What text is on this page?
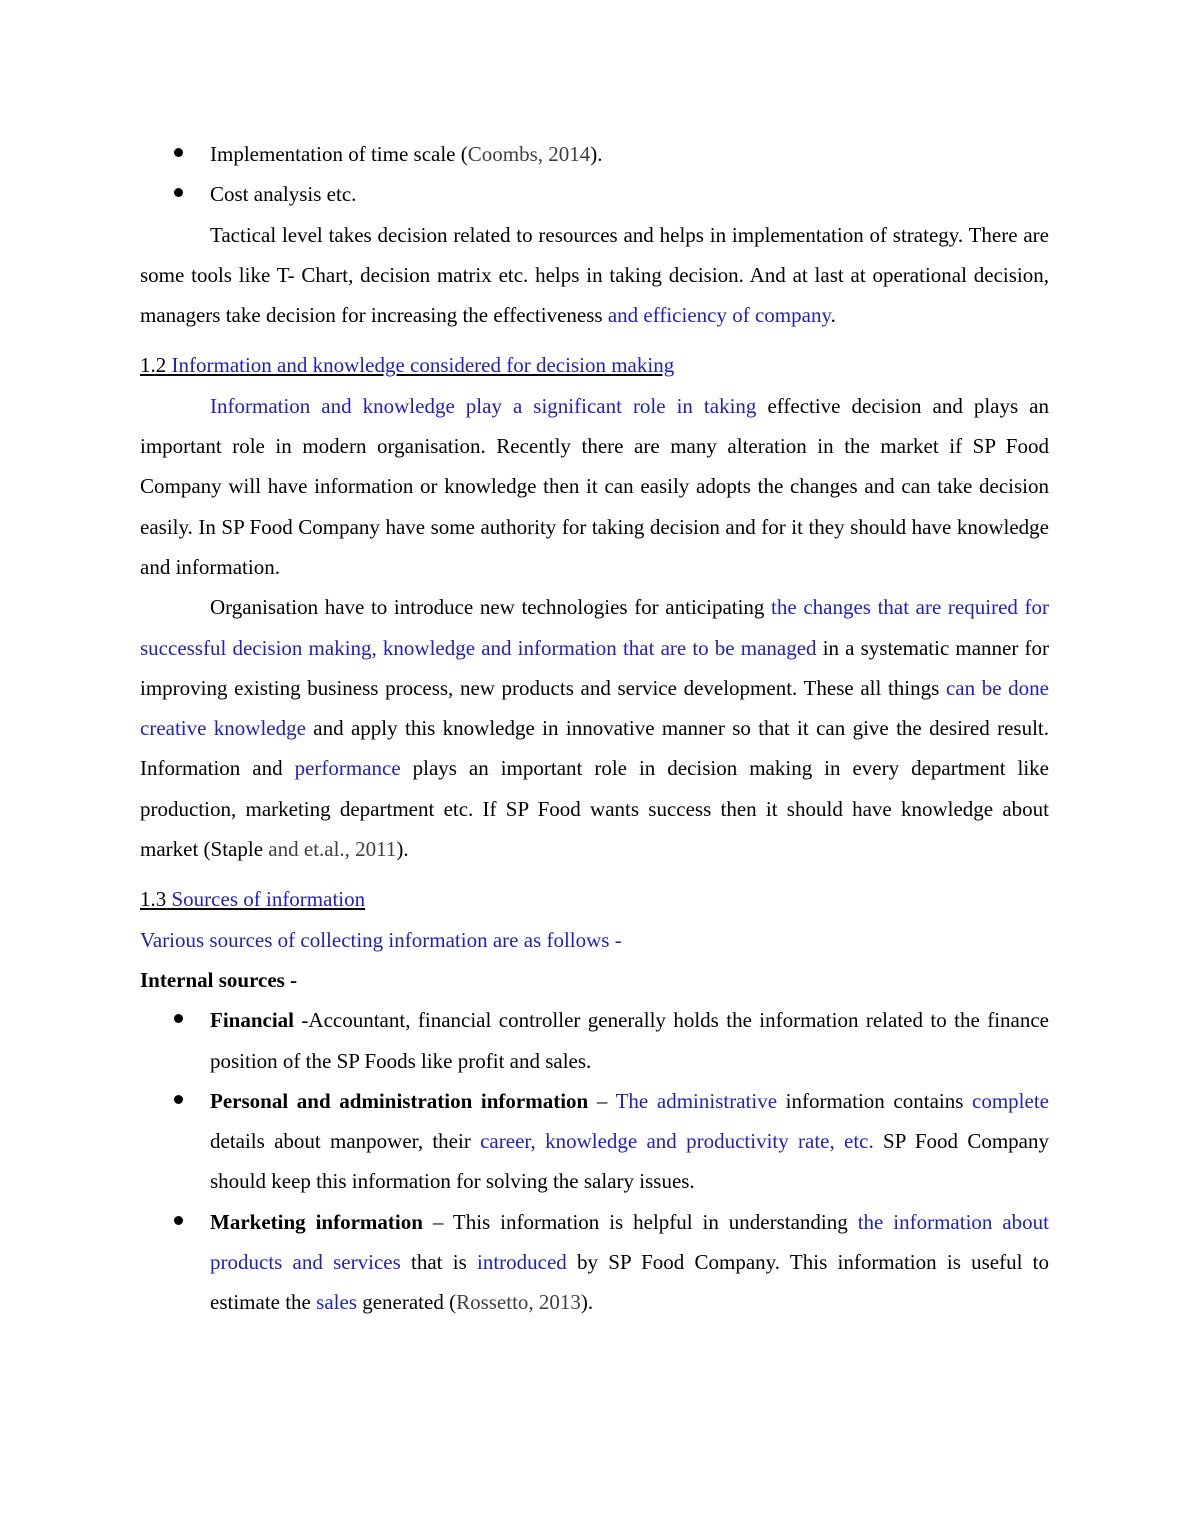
Implementation of time scale (Coombs, 2014).
Cost analysis etc.

Tactical level takes decision related to resources and helps in implementation of strategy. There are some tools like T- Chart, decision matrix etc. helps in taking decision. And at last at operational decision, managers take decision for increasing the effectiveness and efficiency of company.

1.2 Information and knowledge considered for decision making

Information and knowledge play a significant role in taking effective decision and plays an important role in modern organisation. Recently there are many alteration in the market if SP Food Company will have information or knowledge then it can easily adopts the changes and can take decision easily. In SP Food Company have some authority for taking decision and for it they should have knowledge and information.

Organisation have to introduce new technologies for anticipating the changes that are required for successful decision making, knowledge and information that are to be managed in a systematic manner for improving existing business process, new products and service development. These all things can be done creative knowledge and apply this knowledge in innovative manner so that it can give the desired result. Information and performance plays an important role in decision making in every department like production, marketing department etc. If SP Food wants success then it should have knowledge about market (Staple and et.al., 2011).

1.3 Sources of information

Various sources of collecting information are as follows -

Internal sources -

Financial -Accountant, financial controller generally holds the information related to the finance position of the SP Foods like profit and sales.
Personal and administration information – The administrative information contains complete details about manpower, their career, knowledge and productivity rate, etc. SP Food Company should keep this information for solving the salary issues.
Marketing information – This information is helpful in understanding the information about products and services that is introduced by SP Food Company. This information is useful to estimate the sales generated (Rossetto, 2013).
